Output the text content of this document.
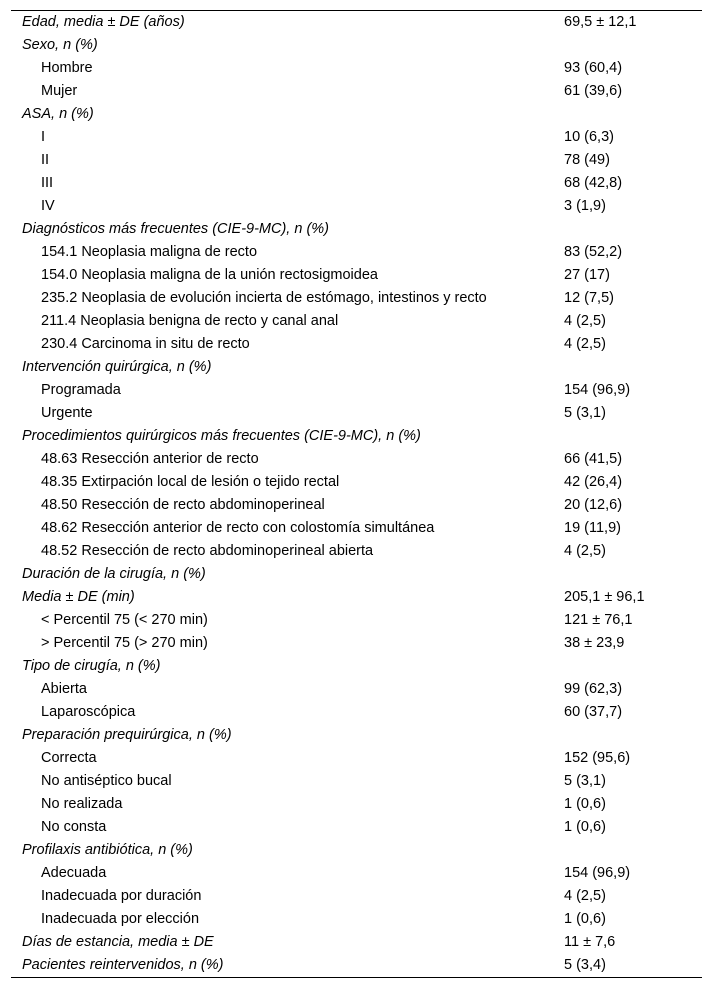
Edad, media ± DE (años)	69,5 ± 12,1
Sexo, n (%)	
Hombre	93 (60,4)
Mujer	61 (39,6)
ASA, n (%)	
I	10 (6,3)
II	78 (49)
III	68 (42,8)
IV	3 (1,9)
Diagnósticos más frecuentes (CIE-9-MC), n (%)	
154.1 Neoplasia maligna de recto	83 (52,2)
154.0 Neoplasia maligna de la unión rectosigmoidea	27 (17)
235.2 Neoplasia de evolución incierta de estómago, intestinos y recto	12 (7,5)
211.4 Neoplasia benigna de recto y canal anal	4 (2,5)
230.4 Carcinoma in situ de recto	4 (2,5)
Intervención quirúrgica, n (%)	
Programada	154 (96,9)
Urgente	5 (3,1)
Procedimientos quirúrgicos más frecuentes (CIE-9-MC), n (%)	
48.63 Resección anterior de recto	66 (41,5)
48.35 Extirpación local de lesión o tejido rectal	42 (26,4)
48.50 Resección de recto abdominoperineal	20 (12,6)
48.62 Resección anterior de recto con colostomía simultánea	19 (11,9)
48.52 Resección de recto abdominoperineal abierta	4 (2,5)
Duración de la cirugía, n (%)	
Media ± DE (min)	205,1 ± 96,1
< Percentil 75 (< 270 min)	121 ± 76,1
> Percentil 75 (> 270 min)	38 ± 23,9
Tipo de cirugía, n (%)	
Abierta	99 (62,3)
Laparoscópica	60 (37,7)
Preparación prequirúrgica, n (%)	
Correcta	152 (95,6)
No antiséptico bucal	5 (3,1)
No realizada	1 (0,6)
No consta	1 (0,6)
Profilaxis antibiótica, n (%)	
Adecuada	154 (96,9)
Inadecuada por duración	4 (2,5)
Inadecuada por elección	1 (0,6)
Días de estancia, media ± DE	11 ± 7,6
Pacientes reintervenidos, n (%)	5 (3,4)
